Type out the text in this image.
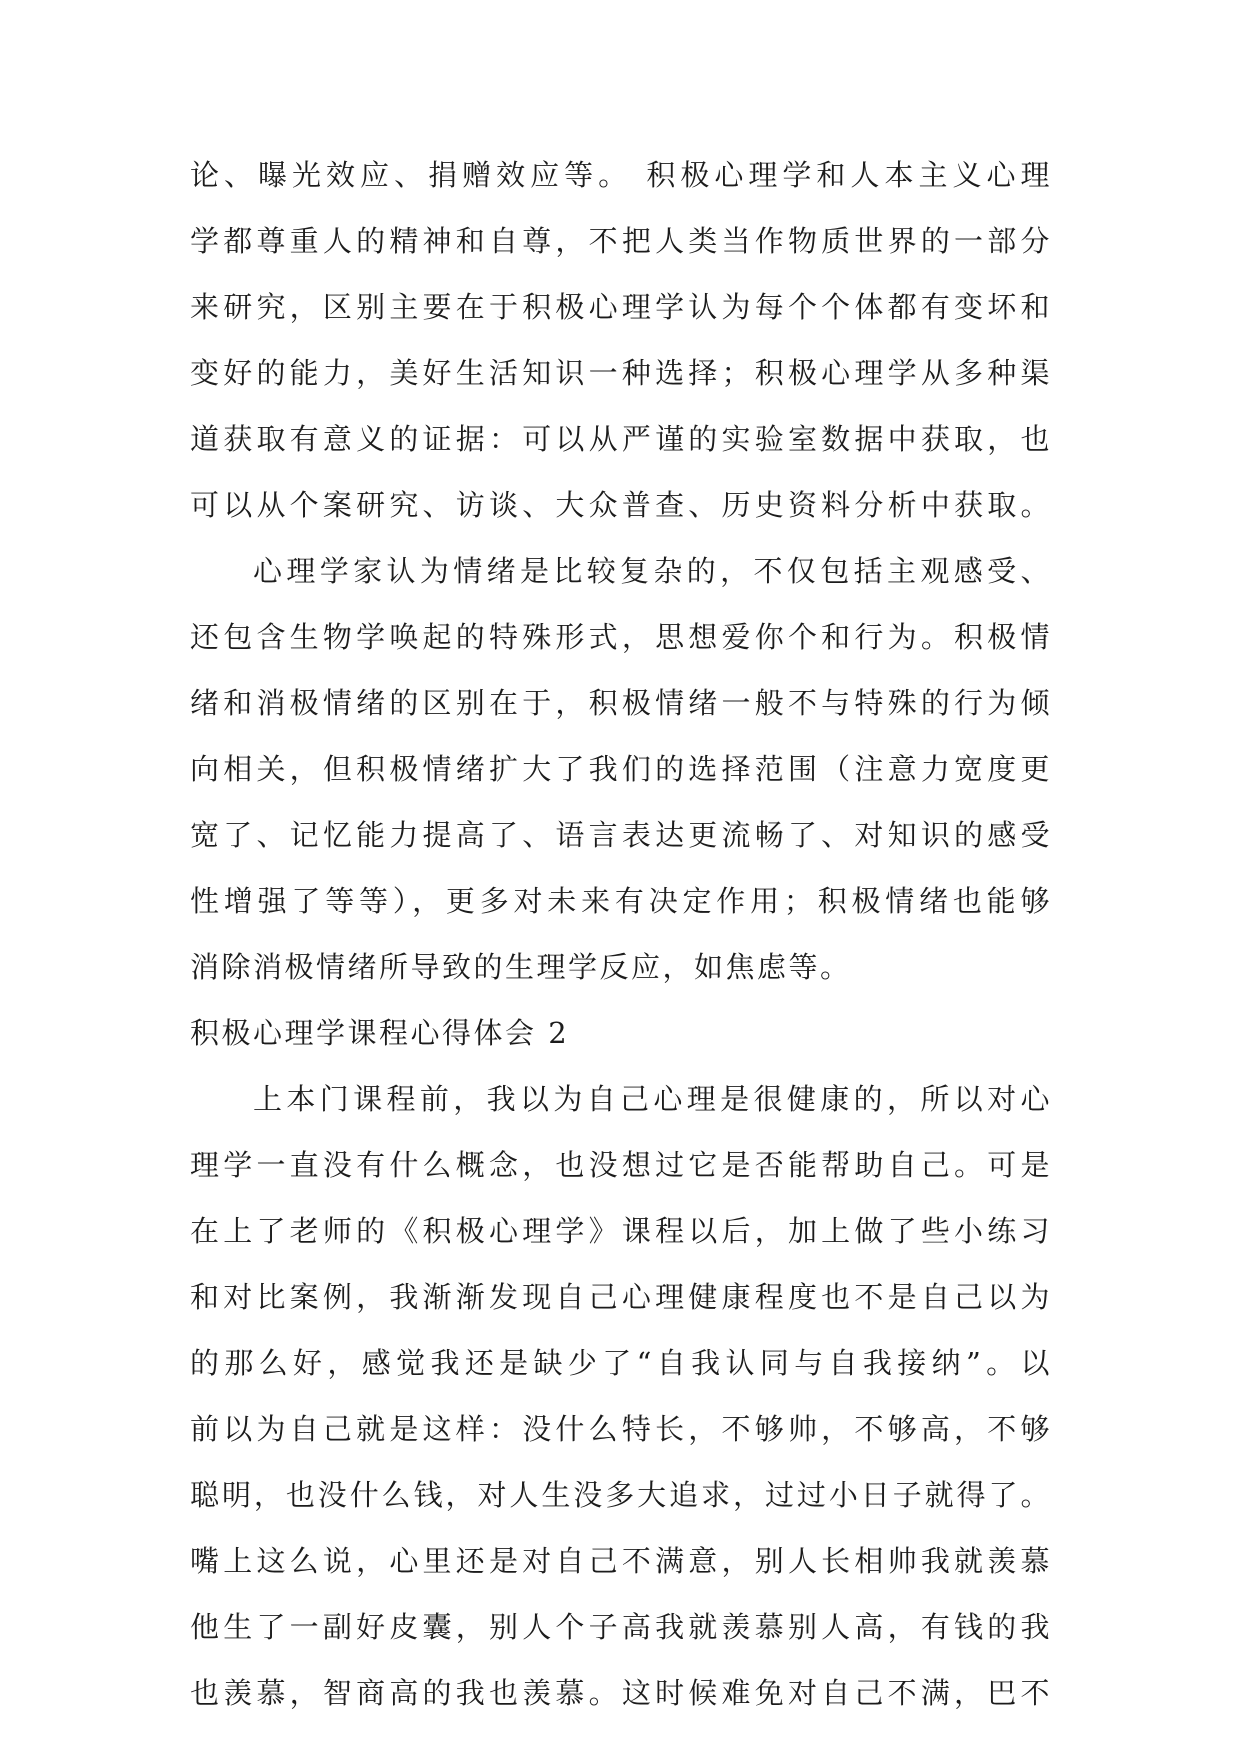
论、曝光效应、捐赠效应等。 积极心理学和人本主义心理
学都尊重人的精神和自尊，不把人类当作物质世界的一部分
来研究，区别主要在于积极心理学认为每个个体都有变坏和
变好的能力，美好生活知识一种选择；积极心理学从多种渠
道获取有意义的证据：可以从严谨的实验室数据中获取，也
可以从个案研究、访谈、大众普查、历史资料分析中获取。
心理学家认为情绪是比较复杂的，不仅包括主观感受、
还包含生物学唤起的特殊形式，思想爱你个和行为。积极情
绪和消极情绪的区别在于，积极情绪一般不与特殊的行为倾
向相关，但积极情绪扩大了我们的选择范围（注意力宽度更
宽了、记忆能力提高了、语言表达更流畅了、对知识的感受
性增强了等等），更多对未来有决定作用；积极情绪也能够
消除消极情绪所导致的生理学反应，如焦虑等。
积极心理学课程心得体会 2
上本门课程前，我以为自己心理是很健康的，所以对心
理学一直没有什么概念，也没想过它是否能帮助自己。可是
在上了老师的《积极心理学》课程以后，加上做了些小练习
和对比案例，我渐渐发现自己心理健康程度也不是自己以为
的那么好，感觉我还是缺少了“自我认同与自我接纳”。以
前以为自己就是这样：没什么特长，不够帅，不够高，不够
聪明，也没什么钱，对人生没多大追求，过过小日子就得了。
嘴上这么说，心里还是对自己不满意，别人长相帅我就羡慕
他生了一副好皮囊，别人个子高我就羡慕别人高，有钱的我
也羡慕，智商高的我也羡慕。这时候难免对自己不满，巴不
